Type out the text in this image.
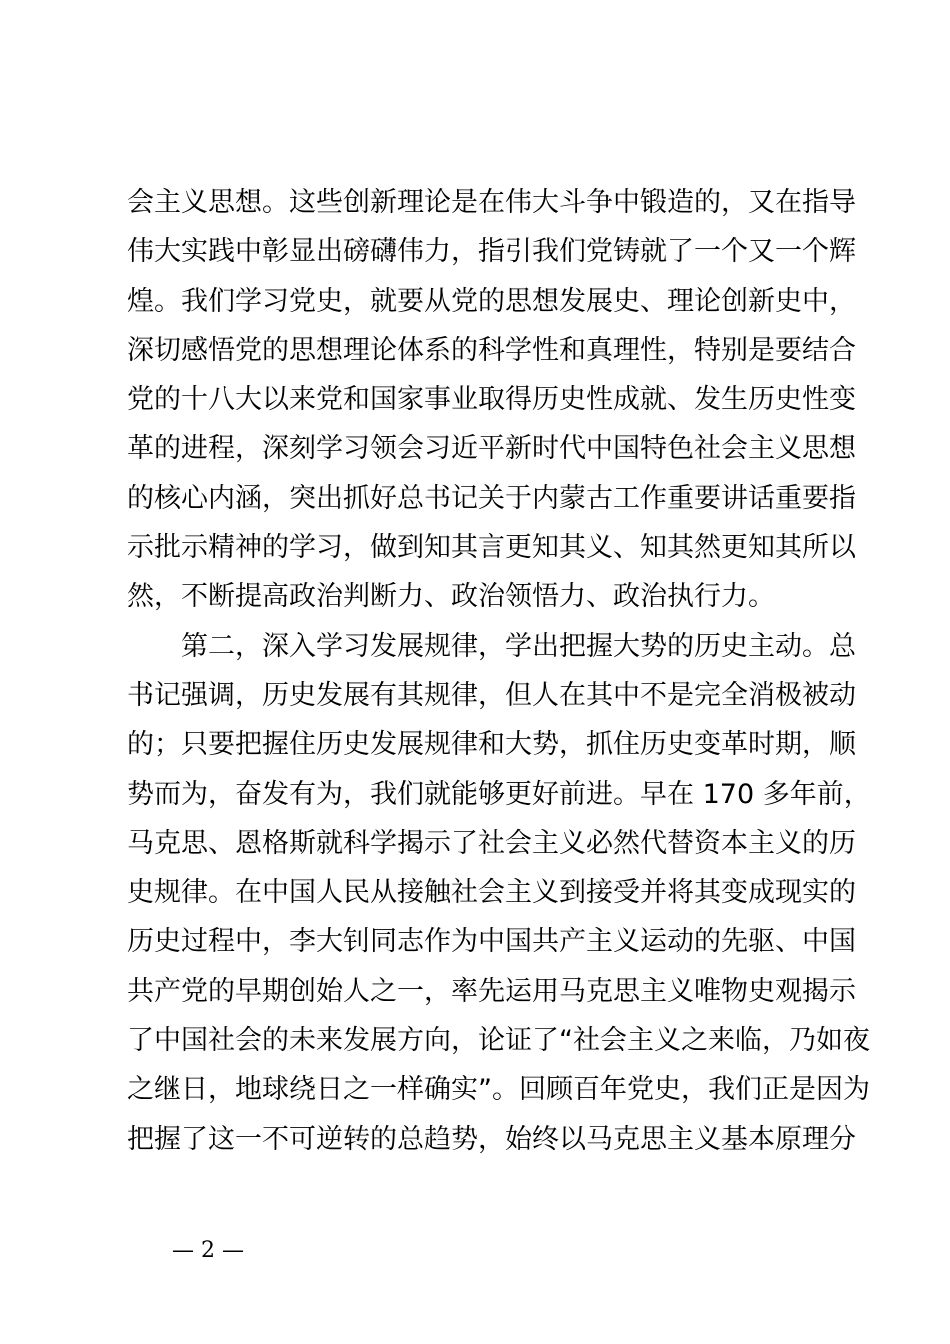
会主义思想。这些创新理论是在伟大斗争中锻造的，又在指导
伟大实践中彰显出磅礴伟力，指引我们党铸就了一个又一个辉
煌。我们学习党史，就要从党的思想发展史、理论创新史中，
深切感悟党的思想理论体系的科学性和真理性，特别是要结合
党的十八大以来党和国家事业取得历史性成就、发生历史性变
革的进程，深刻学习领会习近平新时代中国特色社会主义思想
的核心内涵，突出抓好总书记关于内蒙古工作重要讲话重要指
示批示精神的学习，做到知其言更知其义、知其然更知其所以
然，不断提高政治判断力、政治领悟力、政治执行力。
第二，深入学习发展规律，学出把握大势的历史主动。总
书记强调，历史发展有其规律，但人在其中不是完全消极被动
的；只要把握住历史发展规律和大势，抓住历史变革时期，顺
势而为，奋发有为，我们就能够更好前进。早在 170 多年前，
马克思、恩格斯就科学揭示了社会主义必然代替资本主义的历
史规律。在中国人民从接触社会主义到接受并将其变成现实的
历史过程中，李大钊同志作为中国共产主义运动的先驱、中国
共产党的早期创始人之一，率先运用马克思主义唯物史观揭示
了中国社会的未来发展方向，论证了“社会主义之来临，乃如夜
之继日，地球绕日之一样确实”。回顾百年党史，我们正是因为
把握了这一不可逆转的总趋势，始终以马克思主义基本原理分
— 2 —
